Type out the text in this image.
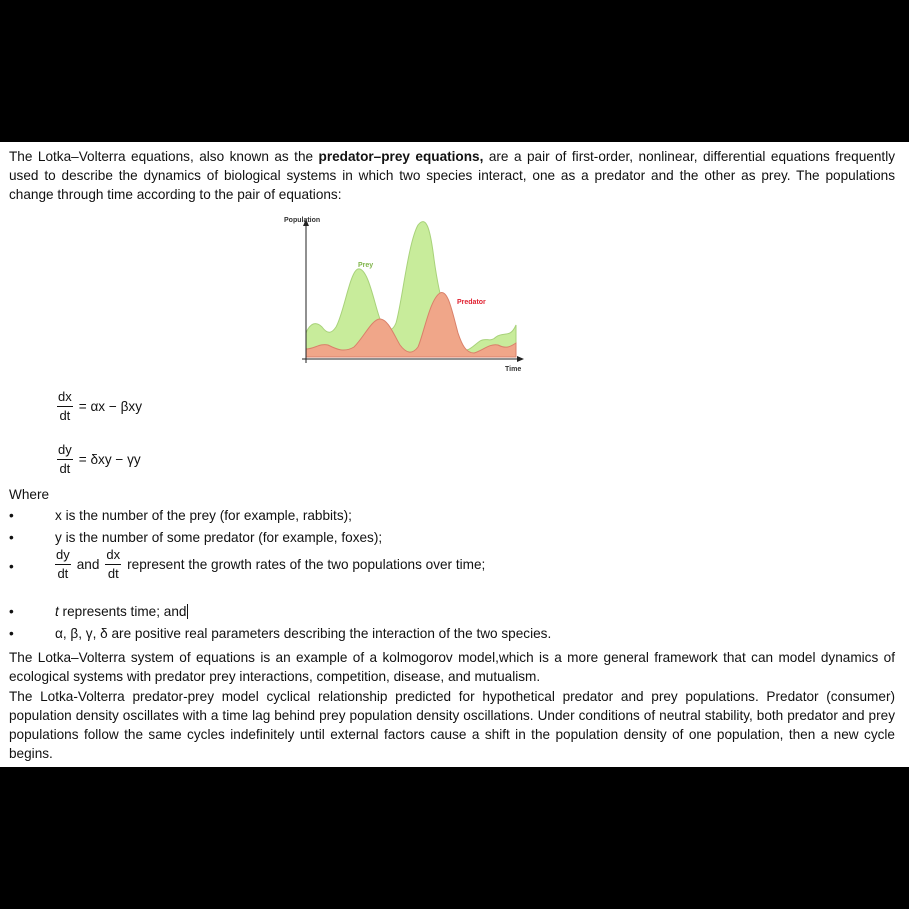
The Lotka–Volterra equations, also known as the predator–prey equations, are a pair of first-order, nonlinear, differential equations frequently used to describe the dynamics of biological systems in which two species interact, one as a predator and the other as prey. The populations change through time according to the pair of equations:
Population
Time
Prey
Predator
$\frac{dx}{dt} = \alpha x - \beta xy$
$\frac{dy}{dt} = \delta xy - \gamma y$
Where
•	x is the number of the prey (for example, rabbits);
•	y is the number of some predator (for example, foxes);
•	$\frac{dy}{dt}$ and $\frac{dx}{dt}$ represent the growth rates of the two populations over time;
•	t represents time; and
•	α, β, γ, δ are positive real parameters describing the interaction of the two species.
The Lotka–Volterra system of equations is an example of a kolmogorov model,which is a more general framework that can model dynamics of ecological systems with predator prey interactions, competition, disease, and mutualism.
The Lotka-Volterra predator-prey model cyclical relationship predicted for hypothetical predator and prey populations. Predator (consumer) population density oscillates with a time lag behind prey population density oscillations. Under conditions of neutral stability, both predator and prey populations follow the same cycles indefinitely until external factors cause a shift in the population density of one population, then a new cycle begins.
